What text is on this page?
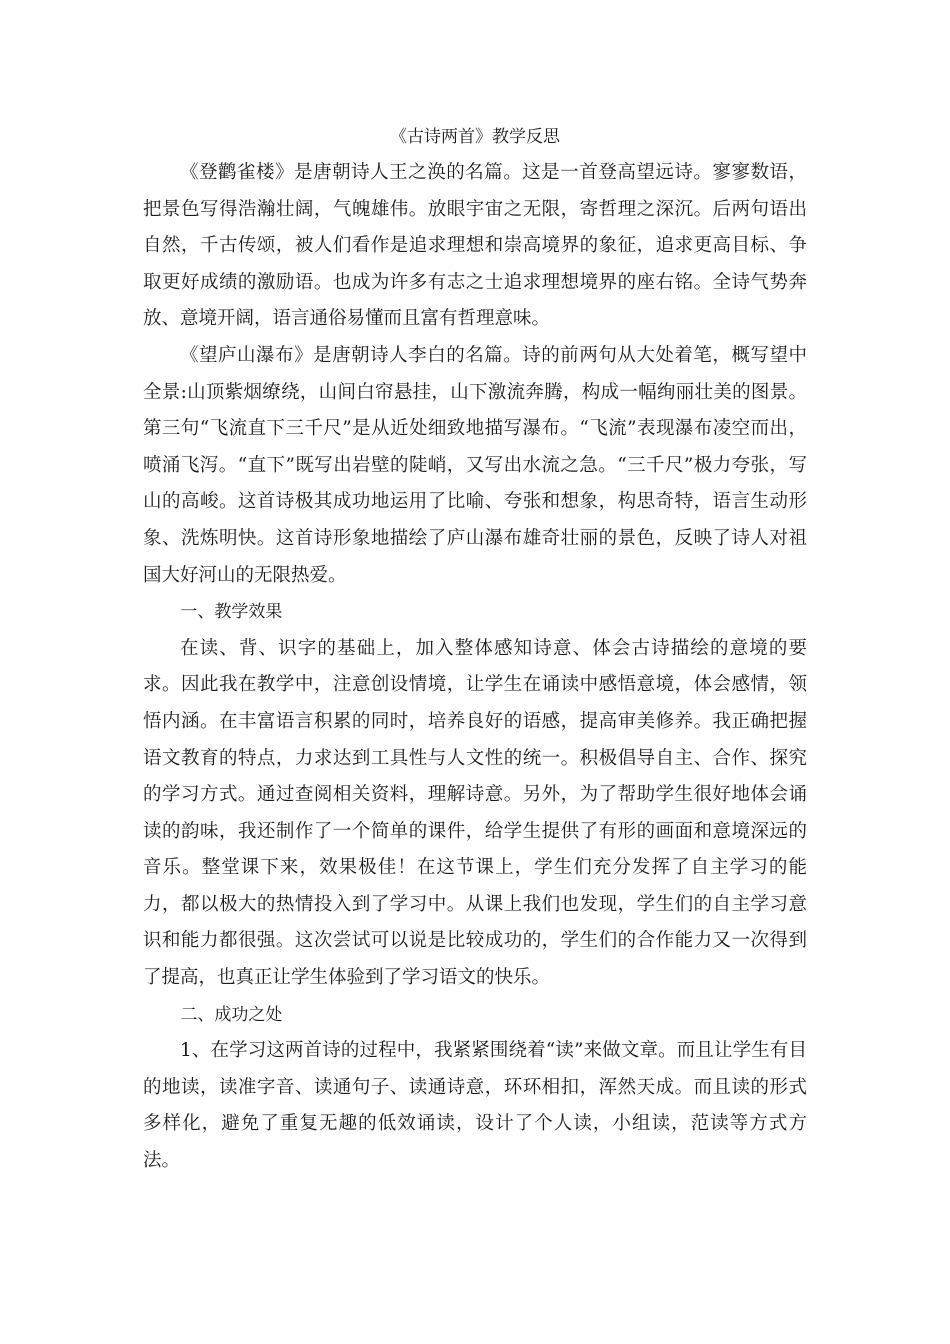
《古诗两首》教学反思

《登鹳雀楼》是唐朝诗人王之涣的名篇。这是一首登高望远诗。寥寥数语，把景色写得浩瀚壮阔，气魄雄伟。放眼宇宙之无限，寄哲理之深沉。后两句语出自然，千古传颂，被人们看作是追求理想和崇高境界的象征，追求更高目标、争取更好成绩的激励语。也成为许多有志之士追求理想境界的座右铭。全诗气势奔放、意境开阔，语言通俗易懂而且富有哲理意味。

《望庐山瀑布》是唐朝诗人李白的名篇。诗的前两句从大处着笔，概写望中全景:山顶紫烟缭绕，山间白帘悬挂，山下激流奔腾，构成一幅绚丽壮美的图景。第三句“飞流直下三千尺”是从近处细致地描写瀑布。“飞流”表现瀑布凌空而出，喷涌飞泻。“直下”既写出岩壁的陡峭，又写出水流之急。“三千尺”极力夸张，写山的高峻。这首诗极其成功地运用了比喻、夸张和想象，构思奇特，语言生动形象、洗炼明快。这首诗形象地描绘了庐山瀑布雄奇壮丽的景色，反映了诗人对祖国大好河山的无限热爱。

一、教学效果

在读、背、识字的基础上，加入整体感知诗意、体会古诗描绘的意境的要求。因此我在教学中，注意创设情境，让学生在诵读中感悟意境，体会感情，领悟内涵。在丰富语言积累的同时，培养良好的语感，提高审美修养。我正确把握语文教育的特点，力求达到工具性与人文性的统一。积极倡导自主、合作、探究的学习方式。通过查阅相关资料，理解诗意。另外，为了帮助学生很好地体会诵读的韵味，我还制作了一个简单的课件，给学生提供了有形的画面和意境深远的音乐。整堂课下来，效果极佳！在这节课上，学生们充分发挥了自主学习的能力，都以极大的热情投入到了学习中。从课上我们也发现，学生们的自主学习意识和能力都很强。这次尝试可以说是比较成功的，学生们的合作能力又一次得到了提高，也真正让学生体验到了学习语文的快乐。

二、成功之处

1、在学习这两首诗的过程中，我紧紧围绕着“读”来做文章。而且让学生有目的地读，读准字音、读通句子、读通诗意，环环相扣，浑然天成。而且读的形式多样化，避免了重复无趣的低效诵读，设计了个人读，小组读，范读等方式方法。
